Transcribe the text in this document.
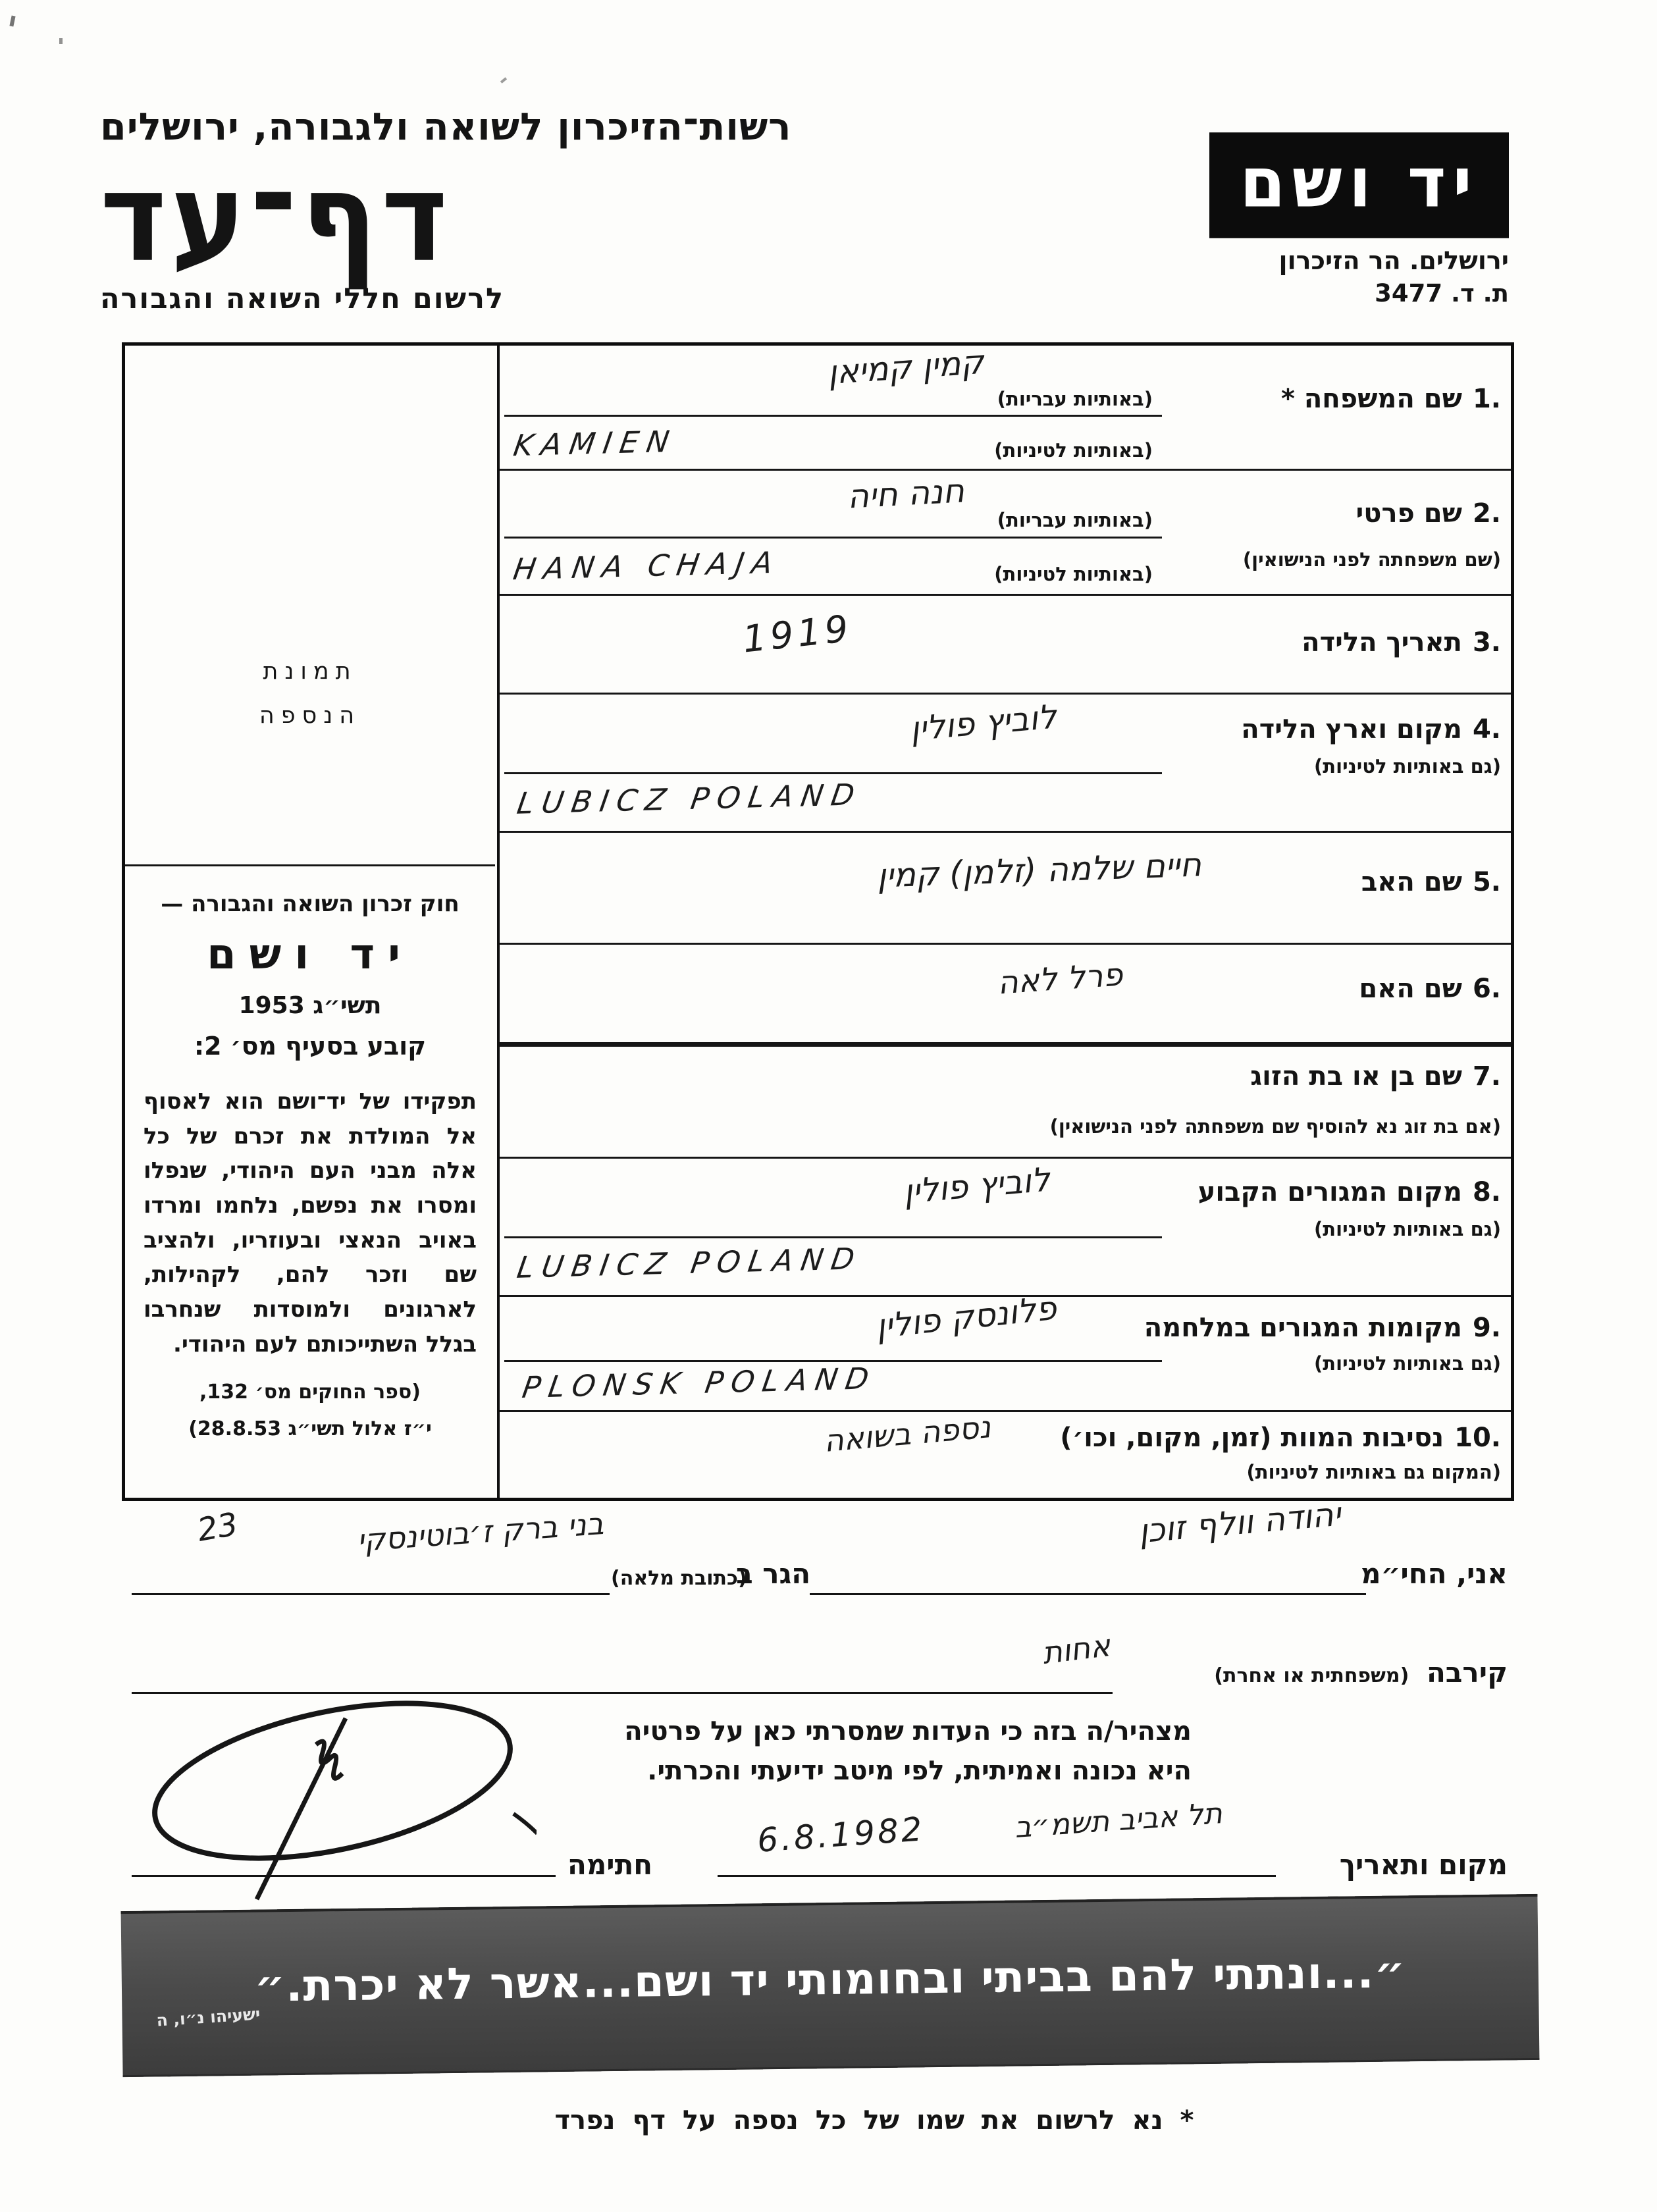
רשות־הזיכרון לשואה ולגבורה, ירושלים
דף־עד
לרשום חללי השואה והגבורה
יד ושם
ירושלים. הר הזיכרון
ת. ד. 3477
תמונת
הנספה
חוק זכרון השואה והגבורה —
יד ושם
תשי״ג 1953
קובע בסעיף מס׳ 2:
תפקידו של יד־ושם הוא לאסוף אל המולדת את זכרם של כל אלה מבני העם היהודי, שנפלו ומסרו את נפשם, נלחמו ומרדו באויב הנאצי ובעוזריו, ולהציב שם וזכר להם, לקהילות, לארגונים ולמוסדות שנחרבו בגלל השתייכותם לעם היהודי.
(ספר החוקים מס׳ 132,
י״ז אלול תשי״ג 28.8.53)
1.שם המשפחה *
(באותיות עבריות)
קמין קמיאן
(באותיות לטיניות)
KAMIEN
2.שם פרטי
(שם משפחתה לפני הנישואין)
(באותיות עבריות)
חנה חיה
(באותיות לטיניות)
HANA CHAJA
3.תאריך הלידה
1919
4.מקום וארץ הלידה
(גם באותיות לטיניות)
לוביץ פולין
LUBICZ POLAND
5.שם האב
חיים שלמה (זלמן) קמין
6.שם האם
פרל לאה
7.שם בן או בת הזוג
(אם בת זוג נא להוסיף שם משפחתה לפני הנישואין)
8.מקום המגורים הקבוע
(גם באותיות לטיניות)
לוביץ פולין
LUBICZ POLAND
9.מקומות המגורים במלחמה
(גם באותיות לטיניות)
פלונסק פולין
PLONSK POLAND
10.נסיבות המוות (זמן, מקום, וכו׳)
(המקום גם באותיות לטיניות)
נספה בשואה
אני, החי״מ
יהודה וולף זוכן
הגר ב
(כתובת מלאה)
בני ברק ז׳בוטינסקי
23
קירבה (משפחתית או אחרת)
אחות
מצהיר/ה בזה כי העדות שמסרתי כאן על פרטיה
היא נכונה ואמיתית, לפי מיטב ידיעתי והכרתי.
מקום ותאריך
תל אביב תשמ״ב
6.8.1982
חתימה
״...ונתתי להם בביתי ובחומותי יד ושם...אשר לא יכרת.״
ישעיהו נ״ו, ה
* נא לרשום את שמו של כל נספה על דף נפרד
